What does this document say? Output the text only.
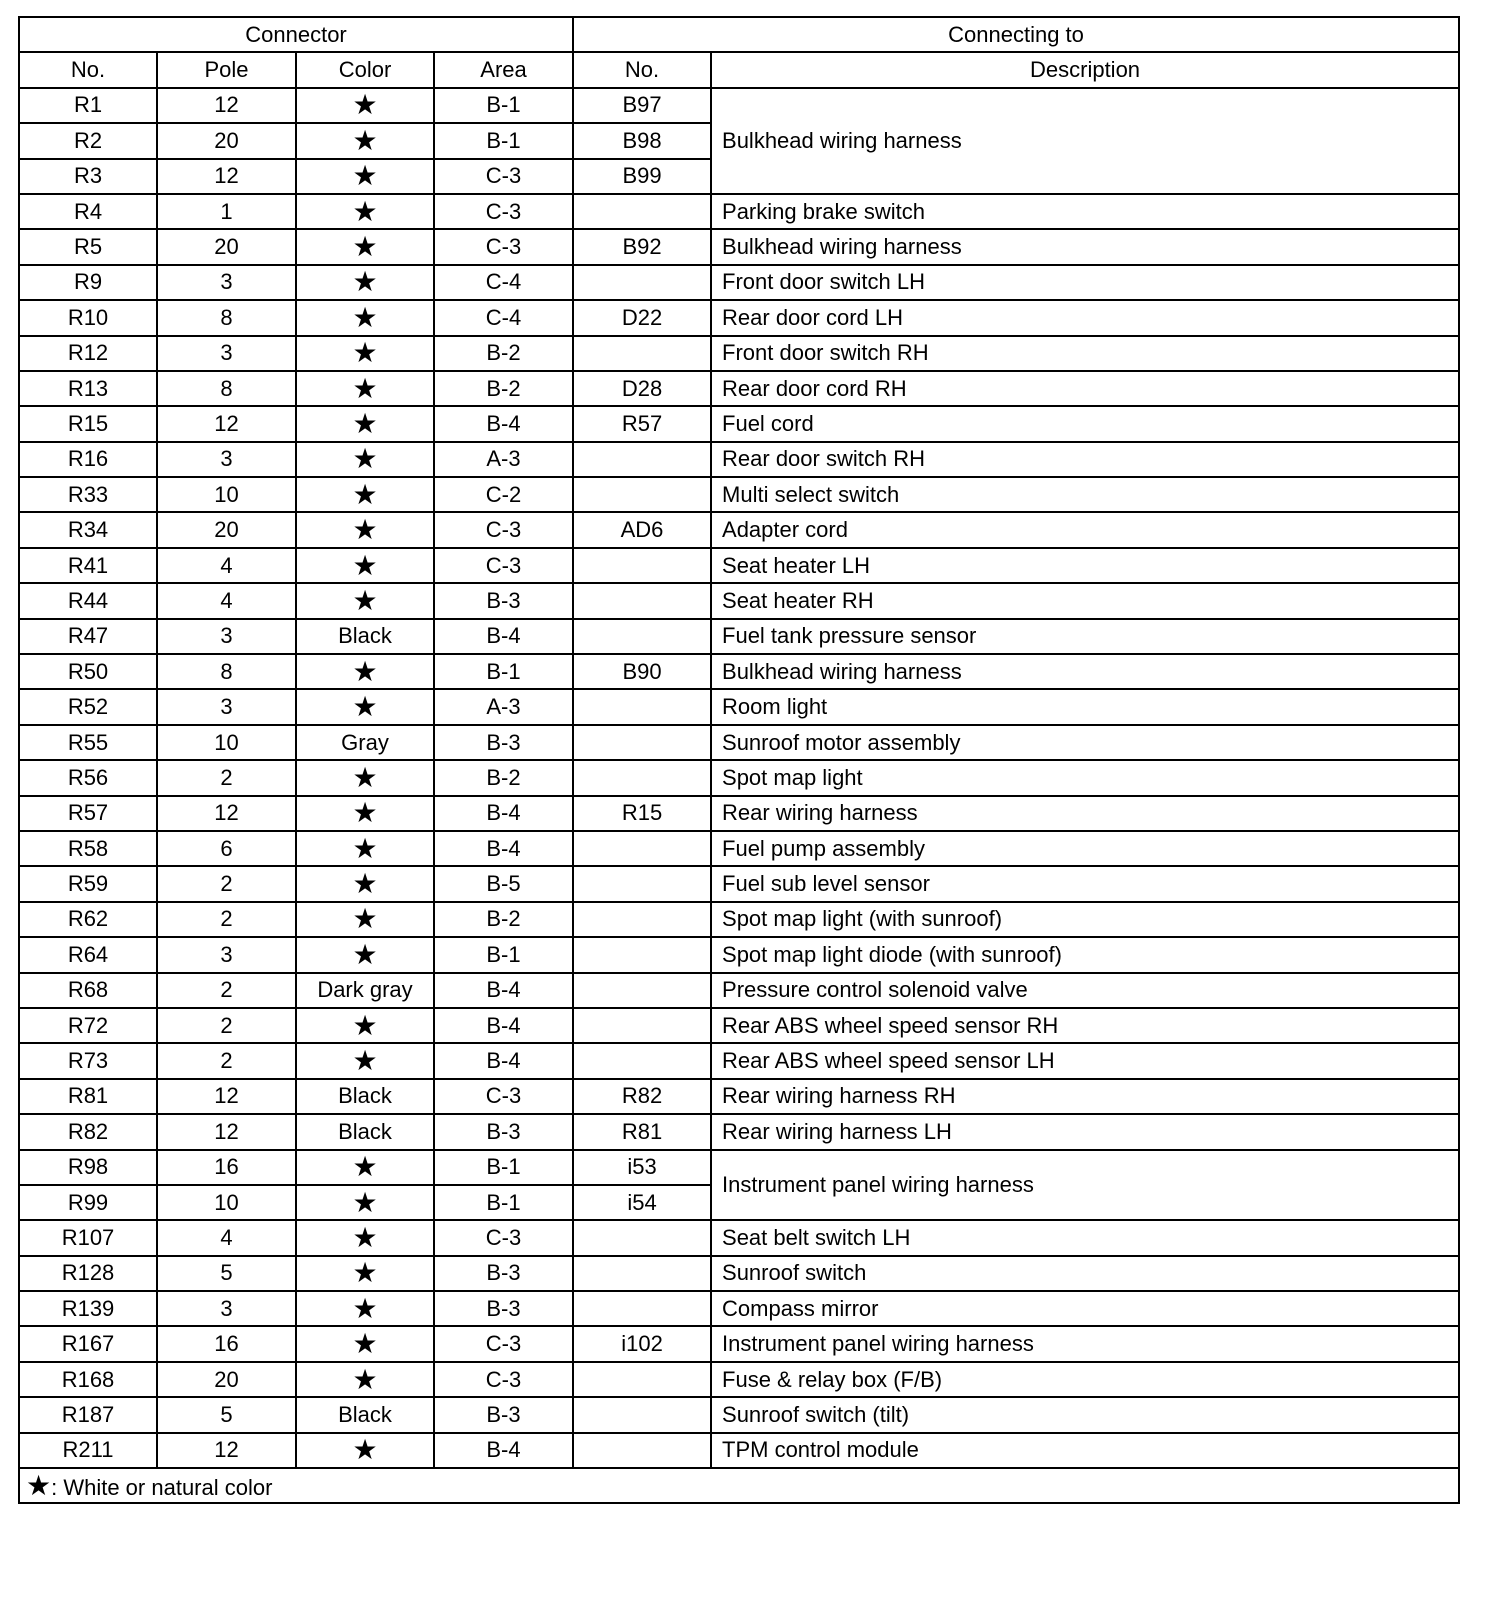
Connector				Connecting to	
No.	Pole	Color	Area	No.	Description
R1	12	★	B-1	B97	Bulkhead wiring harness
R2	20	★	B-1	B98	
R3	12	★	C-3	B99	
R4	1	★	C-3		Parking brake switch
R5	20	★	C-3	B92	Bulkhead wiring harness
R9	3	★	C-4		Front door switch LH
R10	8	★	C-4	D22	Rear door cord LH
R12	3	★	B-2		Front door switch RH
R13	8	★	B-2	D28	Rear door cord RH
R15	12	★	B-4	R57	Fuel cord
R16	3	★	A-3		Rear door switch RH
R33	10	★	C-2		Multi select switch
R34	20	★	C-3	AD6	Adapter cord
R41	4	★	C-3		Seat heater LH
R44	4	★	B-3		Seat heater RH
R47	3	Black	B-4		Fuel tank pressure sensor
R50	8	★	B-1	B90	Bulkhead wiring harness
R52	3	★	A-3		Room light
R55	10	Gray	B-3		Sunroof motor assembly
R56	2	★	B-2		Spot map light
R57	12	★	B-4	R15	Rear wiring harness
R58	6	★	B-4		Fuel pump assembly
R59	2	★	B-5		Fuel sub level sensor
R62	2	★	B-2		Spot map light (with sunroof)
R64	3	★	B-1		Spot map light diode (with sunroof)
R68	2	Dark gray	B-4		Pressure control solenoid valve
R72	2	★	B-4		Rear ABS wheel speed sensor RH
R73	2	★	B-4		Rear ABS wheel speed sensor LH
R81	12	Black	C-3	R82	Rear wiring harness RH
R82	12	Black	B-3	R81	Rear wiring harness LH
R98	16	★	B-1	i53	Instrument panel wiring harness
R99	10	★	B-1	i54	
R107	4	★	C-3		Seat belt switch LH
R128	5	★	B-3		Sunroof switch
R139	3	★	B-3		Compass mirror
R167	16	★	C-3	i102	Instrument panel wiring harness
R168	20	★	C-3		Fuse & relay box (F/B)
R187	5	Black	B-3		Sunroof switch (tilt)
R211	12	★	B-4		TPM control module
★: White or natural color					
